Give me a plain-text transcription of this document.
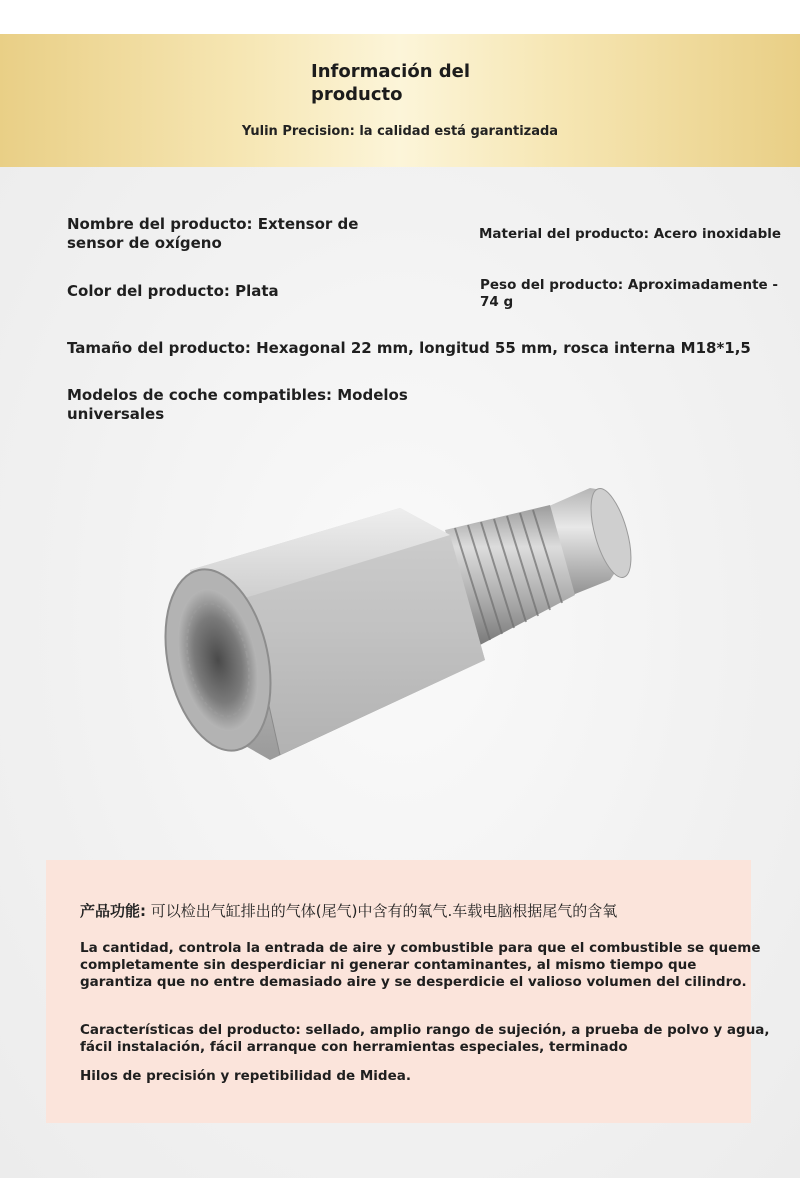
Información del producto
Yulin Precision: la calidad está garantizada
Nombre del producto: Extensor de sensor de oxígeno	Material del producto: Acero inoxidable
Color del producto: Plata	Peso del producto: Aproximadamente - 74 g
Tamaño del producto: Hexagonal 22 mm, longitud 55 mm, rosca interna M18*1,5
Modelos de coche compatibles: Modelos universales
产品功能: 可以检出气缸排出的气体(尾气)中含有的氧气.车载电脑根据尾气的含氧
La cantidad, controla la entrada de aire y combustible para que el combustible se queme completamente sin desperdiciar ni generar contaminantes, al mismo tiempo que garantiza que no entre demasiado aire y se desperdicie el valioso volumen del cilindro.
Características del producto: sellado, amplio rango de sujeción, a prueba de polvo y agua, fácil instalación, fácil arranque con herramientas especiales, terminado
Hilos de precisión y repetibilidad de Midea.
